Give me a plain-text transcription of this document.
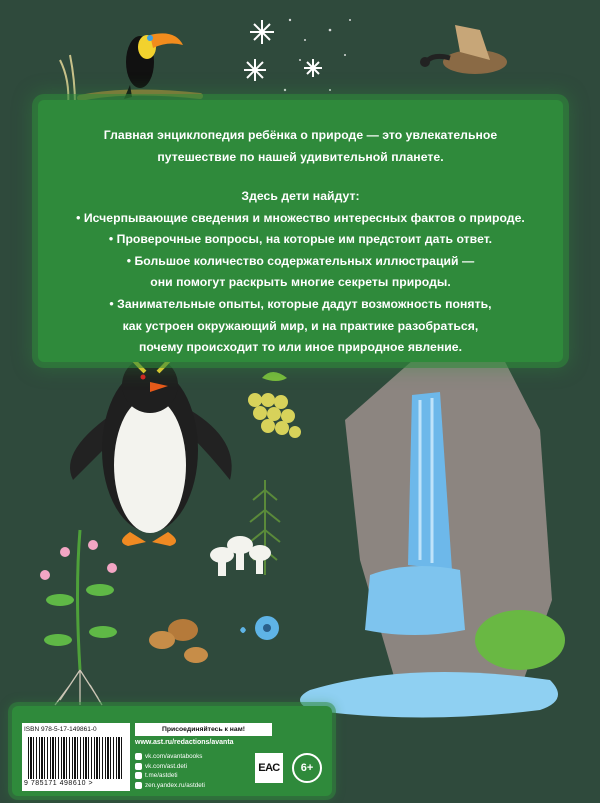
Главная энциклопедия ребёнка о природе — это увлекательное

путешествие по нашей удивительной планете.

Здесь дети найдут:

• Исчерпывающие сведения и множество интересных фактов о природе.

• Проверочные вопросы, на которые им предстоит дать ответ.

• Большое количество содержательных иллюстраций —

они помогут раскрыть многие секреты природы.

• Занимательные опыты, которые дадут возможность понять,

как устроен окружающий мир, и на практике разобраться,

почему происходит то или иное природное явление.

ISBN 978-5-17-149861-0
9 785171 498610 >
Присоединяйтесь к нам!
www.ast.ru/redactions/avanta
vk.com/avantabooks
vk.com/ast.deti
t.me/astdeti
zen.yandex.ru/astdeti
ЕАС	6+
